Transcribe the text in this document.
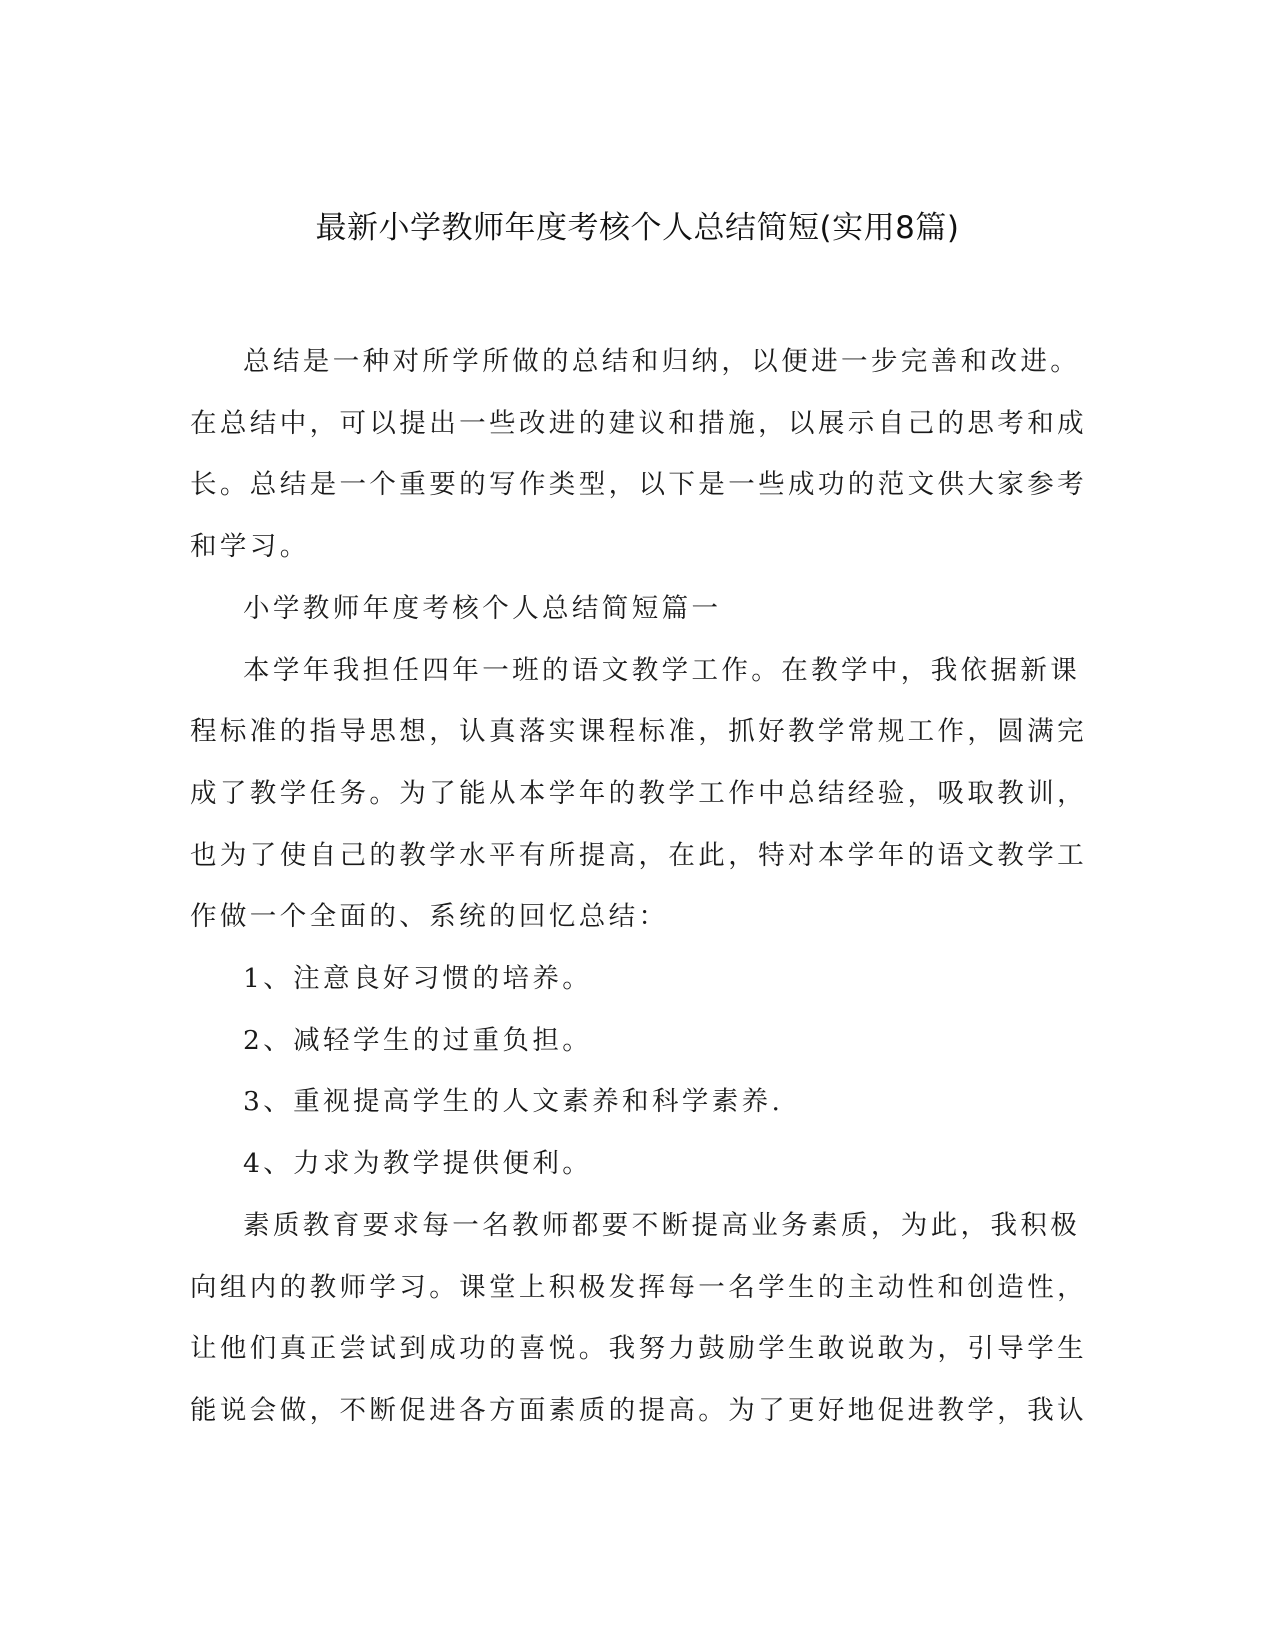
最新小学教师年度考核个人总结简短(实用8篇)

总结是一种对所学所做的总结和归纳，以便进一步完善和改进。
在总结中，可以提出一些改进的建议和措施，以展示自己的思考和成
长。总结是一个重要的写作类型，以下是一些成功的范文供大家参考
和学习。

小学教师年度考核个人总结简短篇一

本学年我担任四年一班的语文教学工作。在教学中，我依据新课
程标准的指导思想，认真落实课程标准，抓好教学常规工作，圆满完
成了教学任务。为了能从本学年的教学工作中总结经验，吸取教训，
也为了使自己的教学水平有所提高，在此，特对本学年的语文教学工
作做一个全面的、系统的回忆总结：

1、注意良好习惯的培养。

2、减轻学生的过重负担。

3、重视提高学生的人文素养和科学素养.

4、力求为教学提供便利。

素质教育要求每一名教师都要不断提高业务素质，为此，我积极
向组内的教师学习。课堂上积极发挥每一名学生的主动性和创造性，
让他们真正尝试到成功的喜悦。我努力鼓励学生敢说敢为，引导学生
能说会做，不断促进各方面素质的提高。为了更好地促进教学，我认
